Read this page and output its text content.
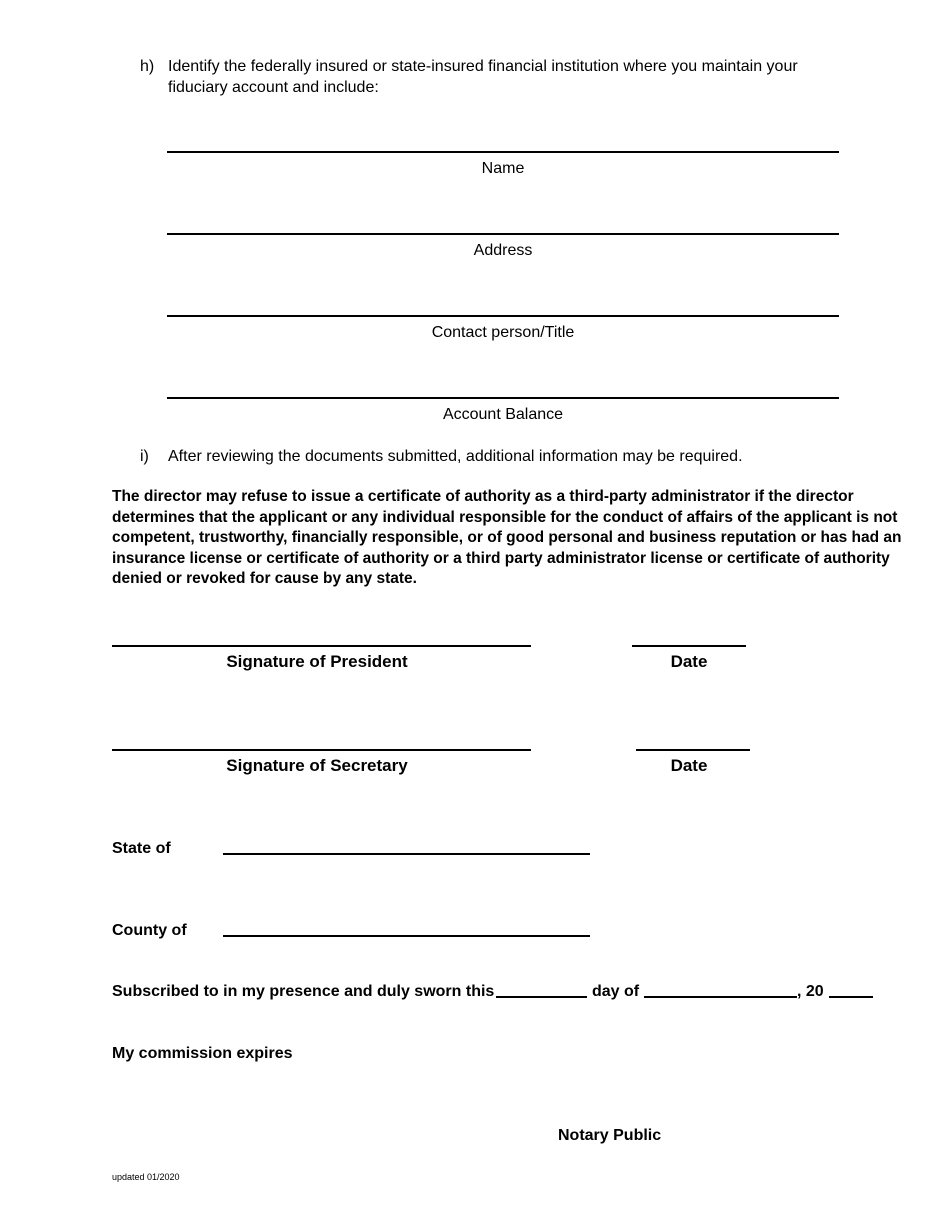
h) Identify the federally insured or state-insured financial institution where you maintain your fiduciary account and include:
Name
Address
Contact person/Title
Account Balance
i) After reviewing the documents submitted, additional information may be required.
The director may refuse to issue a certificate of authority as a third-party administrator if the director determines that the applicant or any individual responsible for the conduct of affairs of the applicant is not competent, trustworthy, financially responsible, or of good personal and business reputation or has had an insurance license or certificate of authority or a third party administrator license or certificate of authority denied or revoked for cause by any state.
Signature of President	Date
Signature of Secretary	Date
State of
County of
Subscribed to in my presence and duly sworn this	day of	, 20
My commission expires
Notary Public
updated 01/2020
